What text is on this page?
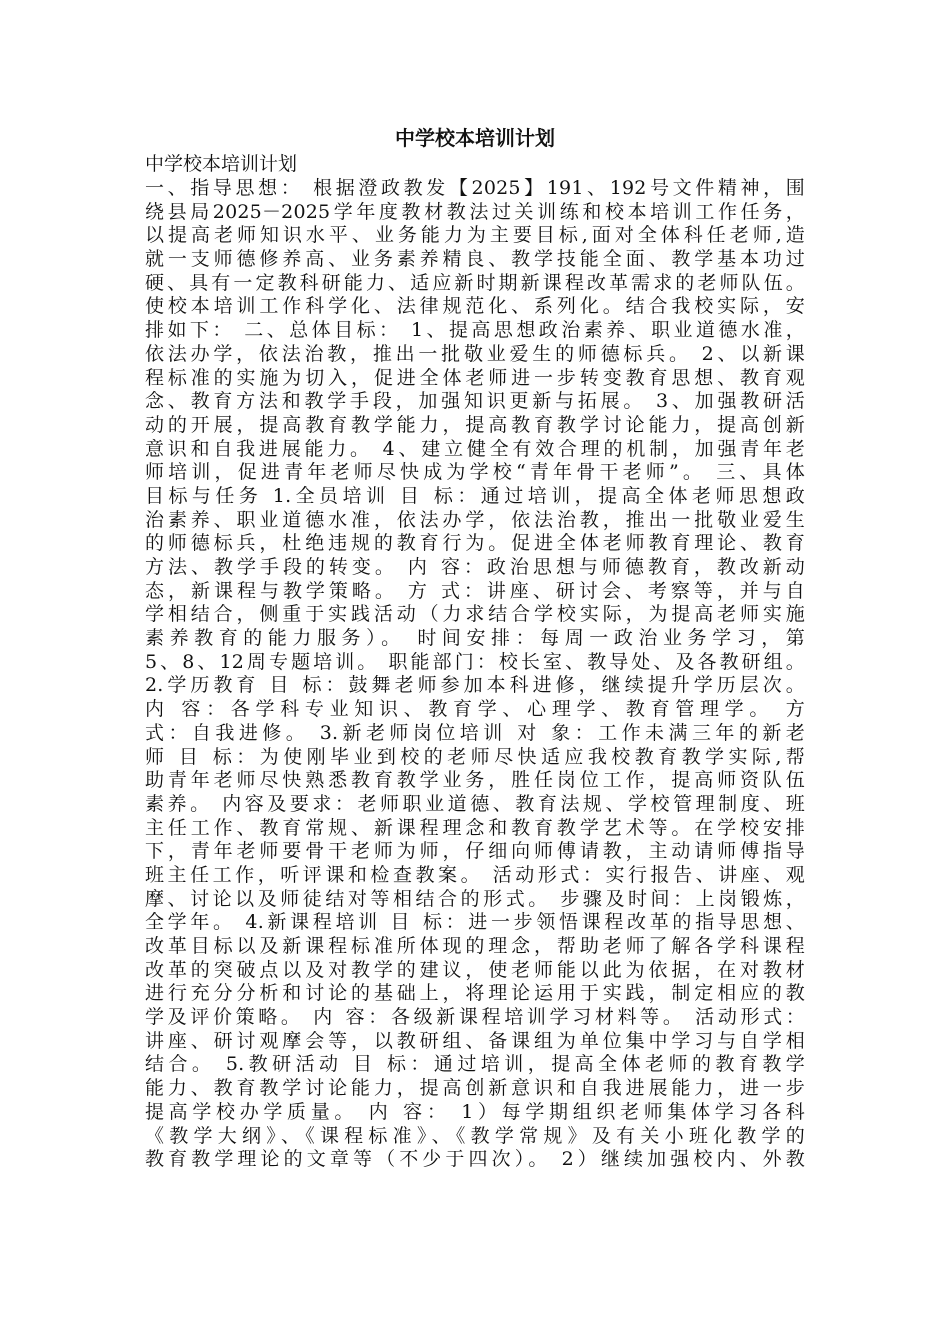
中学校本培训计划
中学校本培训计划
一、指导思想： 根据澄政教发【2025】191、192号文件精神，围
绕县局2025－2025学年度教材教法过关训练和校本培训工作任务，
以提高老师知识水平、业务能力为主要目标,面对全体科任老师,造
就一支师德修养高、业务素养精良、教学技能全面、教学基本功过
硬、具有一定教科研能力、适应新时期新课程改革需求的老师队伍。
使校本培训工作科学化、法律规范化、系列化。结合我校实际，安
排如下： 二、总体目标： 1、提高思想政治素养、职业道德水准，
依法办学，依法治教，推出一批敬业爱生的师德标兵。 2、以新课
程标准的实施为切入，促进全体老师进一步转变教育思想、教育观
念、教育方法和教学手段，加强知识更新与拓展。 3、加强教研活
动的开展，提高教育教学能力，提高教育教学讨论能力，提高创新
意识和自我进展能力。 4、建立健全有效合理的机制，加强青年老
师培训，促进青年老师尽快成为学校“青年骨干老师”。 三、具体
目标与任务 1.全员培训 目 标：通过培训，提高全体老师思想政
治素养、职业道德水准，依法办学，依法治教，推出一批敬业爱生
的师德标兵，杜绝违规的教育行为。促进全体老师教育理论、教育
方法、教学手段的转变。 内 容：政治思想与师德教育，教改新动
态，新课程与教学策略。 方 式：讲座、研讨会、考察等，并与自
学相结合，侧重于实践活动（力求结合学校实际，为提高老师实施
素养教育的能力服务）。 时间安排：每周一政治业务学习，第
5、8、12周专题培训。 职能部门：校长室、教导处、及各教研组。
2.学历教育 目 标：鼓舞老师参加本科进修，继续提升学历层次。
内 容：各学科专业知识、教育学、心理学、教育管理学。 方
式：自我进修。 3.新老师岗位培训 对 象：工作未满三年的新老
师 目 标：为使刚毕业到校的老师尽快适应我校教育教学实际,帮
助青年老师尽快熟悉教育教学业务，胜任岗位工作，提高师资队伍
素养。 内容及要求：老师职业道德、教育法规、学校管理制度、班
主任工作、教育常规、新课程理念和教育教学艺术等。在学校安排
下，青年老师要骨干老师为师，仔细向师傅请教，主动请师傅指导
班主任工作，听评课和检查教案。 活动形式：实行报告、讲座、观
摩、讨论以及师徒结对等相结合的形式。 步骤及时间：上岗锻炼，
全学年。 4.新课程培训 目 标：进一步领悟课程改革的指导思想、
改革目标以及新课程标准所体现的理念，帮助老师了解各学科课程
改革的突破点以及对教学的建议，使老师能以此为依据，在对教材
进行充分分析和讨论的基础上，将理论运用于实践，制定相应的教
学及评价策略。 内 容：各级新课程培训学习材料等。 活动形式：
讲座、研讨观摩会等，以教研组、备课组为单位集中学习与自学相
结合。 5.教研活动 目 标：通过培训，提高全体老师的教育教学
能力、教育教学讨论能力，提高创新意识和自我进展能力，进一步
提高学校办学质量。 内 容： 1）每学期组织老师集体学习各科
《教学大纲》、《课程标准》、《教学常规》及有关小班化教学的
教育教学理论的文章等（不少于四次）。 2）继续加强校内、外教
